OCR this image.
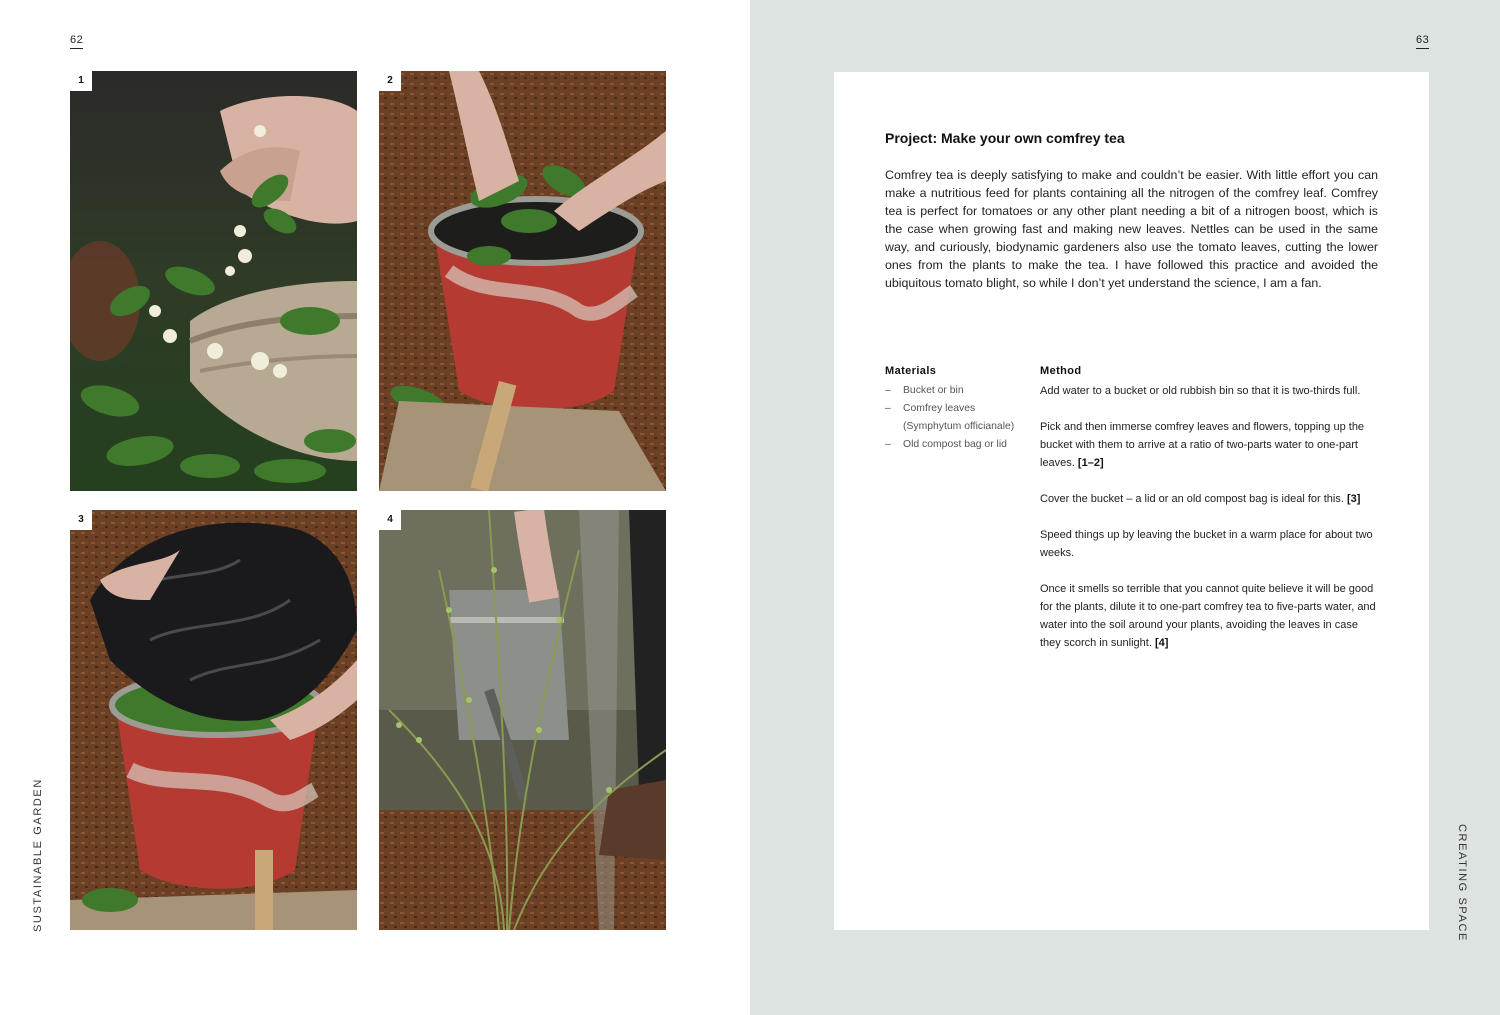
62
SUSTAINABLE GARDEN
1	2
3	4
63
CREATING SPACE
Project: Make your own comfrey tea

Comfrey tea is deeply satisfying to make and couldn’t be easier. With little effort you can make a nutritious feed for plants containing all the nitrogen of the comfrey leaf. Comfrey tea is perfect for tomatoes or any other plant needing a bit of a nitrogen boost, which is the case when growing fast and making new leaves. Nettles can be used in the same way, and curiously, biodynamic gardeners also use the tomato leaves, cutting the lower ones from the plants to make the tea. I have followed this practice and avoided the ubiquitous tomato blight, so while I don’t yet understand the science, I am a fan.

Materials
– Bucket or bin
– Comfrey leaves
(Symphytum officianale)
– Old compost bag or lid
Method

Add water to a bucket or old rubbish bin so that it is two-thirds full.

Pick and then immerse comfrey leaves and flowers, topping up the bucket with them to arrive at a ratio of two-parts water to one-part leaves. [1–2]

Cover the bucket – a lid or an old compost bag is ideal for this. [3]

Speed things up by leaving the bucket in a warm place for about two weeks.

Once it smells so terrible that you cannot quite believe it will be good for the plants, dilute it to one-part comfrey tea to five-parts water, and water into the soil around your plants, avoiding the leaves in case they scorch in sunlight. [4]
